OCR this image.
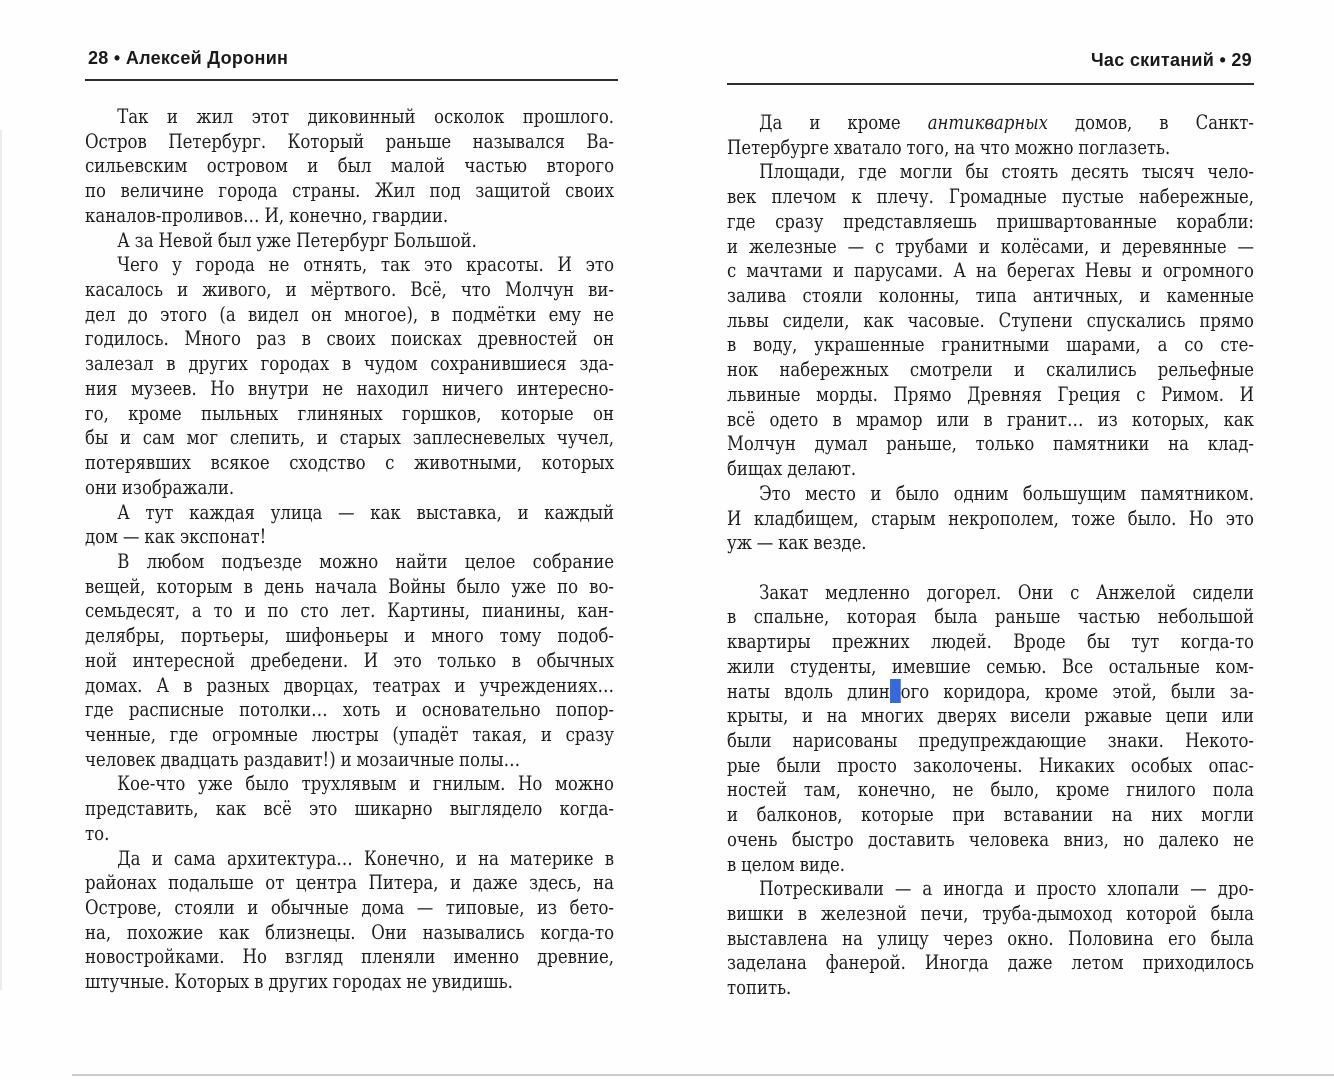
28 • Алексей Доронин
Так и жил этот диковинный осколок прошлого.
Остров Петербург. Который раньше назывался Ва-
сильевским островом и был малой частью второго
по величине города страны. Жил под защитой своих
каналов-проливов… И, конечно, гвардии.
А за Невой был уже Петербург Большой.
Чего у города не отнять, так это красоты. И это
касалось и живого, и мёртвого. Всё, что Молчун ви-
дел до этого (а видел он многое), в подмётки ему не
годилось. Много раз в своих поисках древностей он
залезал в других городах в чудом сохранившиеся зда-
ния музеев. Но внутри не находил ничего интересно-
го, кроме пыльных глиняных горшков, которые он
бы и сам мог слепить, и старых заплесневелых чучел,
потерявших всякое сходство с животными, которых
они изображали.
А тут каждая улица — как выставка, и каждый
дом — как экспонат!
В любом подъезде можно найти целое собрание
вещей, которым в день начала Войны было уже по во-
семьдесят, а то и по сто лет. Картины, пианины, кан-
делябры, портьеры, шифоньеры и много тому подоб-
ной интересной дребедени. И это только в обычных
домах. А в разных дворцах, театрах и учреждениях…
где расписные потолки… хоть и основательно попор-
ченные, где огромные люстры (упадёт такая, и сразу
человек двадцать раздавит!) и мозаичные полы…
Кое-что уже было трухлявым и гнилым. Но можно
представить, как всё это шикарно выглядело когда-
то.
Да и сама архитектура… Конечно, и на материке в
районах подальше от центра Питера, и даже здесь, на
Острове, стояли и обычные дома — типовые, из бето-
на, похожие как близнецы. Они назывались когда-то
новостройками. Но взгляд пленяли именно древние,
штучные. Которых в других городах не увидишь.
Час скитаний • 29
Да и кроме антикварных домов, в Санкт-
Петербурге хватало того, на что можно поглазеть.
Площади, где могли бы стоять десять тысяч чело-
век плечом к плечу. Громадные пустые набережные,
где сразу представляешь пришвартованные корабли:
и железные — с трубами и колёсами, и деревянные —
с мачтами и парусами. А на берегах Невы и огромного
залива стояли колонны, типа античных, и каменные
львы сидели, как часовые. Ступени спускались прямо
в воду, украшенные гранитными шарами, а со сте-
нок набережных смотрели и скалились рельефные
львиные морды. Прямо Древняя Греция с Римом. И
всё одето в мрамор или в гранит… из которых, как
Молчун думал раньше, только памятники на клад-
бищах делают.
Это место и было одним большущим памятником.
И кладбищем, старым некрополем, тоже было. Но это
уж — как везде.
Закат медленно догорел. Они с Анжелой сидели
в спальне, которая была раньше частью небольшой
квартиры прежних людей. Вроде бы тут когда-то
жили студенты, имевшие семью. Все остальные ком-
наты вдоль длинного коридора, кроме этой, были за-
крыты, и на многих дверях висели ржавые цепи или
были нарисованы предупреждающие знаки. Некото-
рые были просто заколочены. Никаких особых опас-
ностей там, конечно, не было, кроме гнилого пола
и балконов, которые при вставании на них могли
очень быстро доставить человека вниз, но далеко не
в целом виде.
Потрескивали — а иногда и просто хлопали — дро-
вишки в железной печи, труба-дымоход которой была
выставлена на улицу через окно. Половина его была
заделана фанерой. Иногда даже летом приходилось
топить.
